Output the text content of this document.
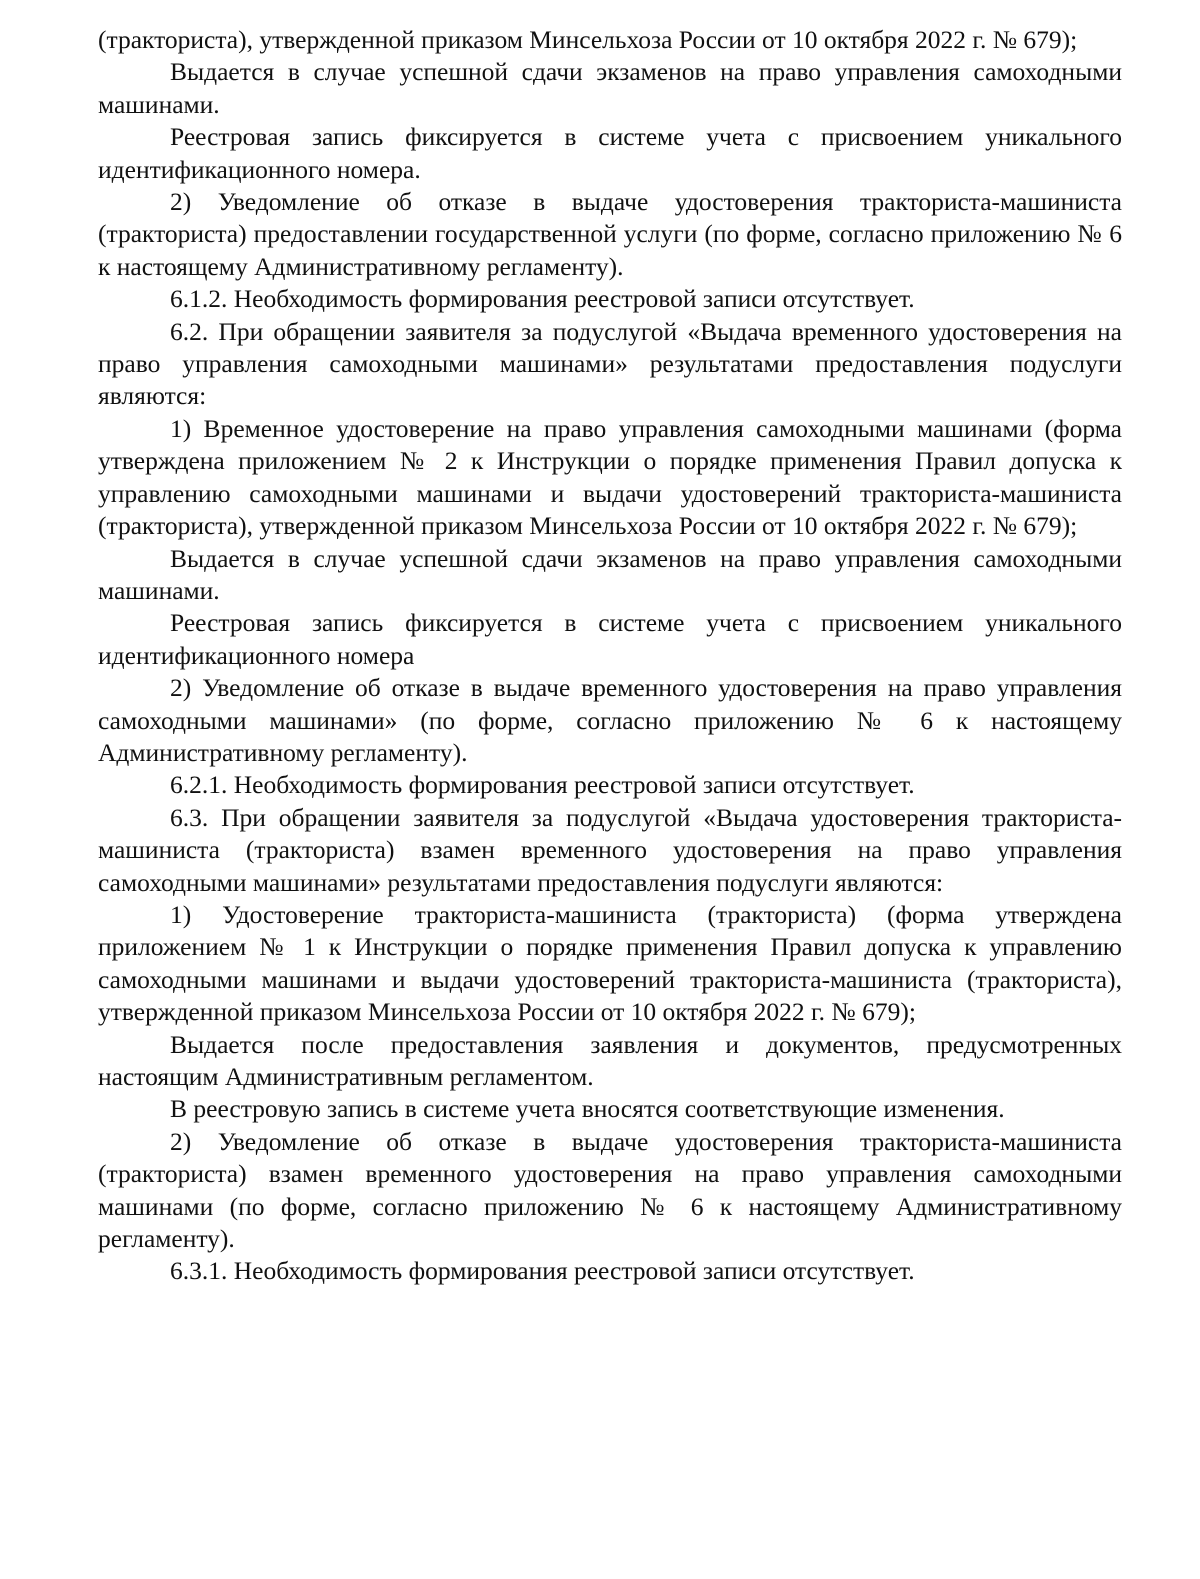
(тракториста), утвержденной приказом Минсельхоза России от 10 октября 2022 г. № 679);

Выдается в случае успешной сдачи экзаменов на право управления самоходными машинами.

Реестровая запись фиксируется в системе учета с присвоением уникального идентификационного номера.

2) Уведомление об отказе в выдаче удостоверения тракториста-машиниста (тракториста) предоставлении государственной услуги (по форме, согласно приложению № 6 к настоящему Административному регламенту).

6.1.2. Необходимость формирования реестровой записи отсутствует.

6.2. При обращении заявителя за подуслугой «Выдача временного удостоверения на право управления самоходными машинами» результатами предоставления подуслуги являются:

1) Временное удостоверение на право управления самоходными машинами (форма утверждена приложением № 2 к Инструкции о порядке применения Правил допуска к управлению самоходными машинами и выдачи удостоверений тракториста-машиниста (тракториста), утвержденной приказом Минсельхоза России от 10 октября 2022 г. № 679);

Выдается в случае успешной сдачи экзаменов на право управления самоходными машинами.

Реестровая запись фиксируется в системе учета с присвоением уникального идентификационного номера

2) Уведомление об отказе в выдаче временного удостоверения на право управления самоходными машинами» (по форме, согласно приложению № 6 к настоящему Административному регламенту).

6.2.1. Необходимость формирования реестровой записи отсутствует.

6.3. При обращении заявителя за подуслугой «Выдача удостоверения тракториста-машиниста (тракториста) взамен временного удостоверения на право управления самоходными машинами» результатами предоставления подуслуги являются:

1) Удостоверение тракториста-машиниста (тракториста) (форма утверждена приложением № 1 к Инструкции о порядке применения Правил допуска к управлению самоходными машинами и выдачи удостоверений тракториста-машиниста (тракториста), утвержденной приказом Минсельхоза России от 10 октября 2022 г. № 679);

Выдается после предоставления заявления и документов, предусмотренных настоящим Административным регламентом.

В реестровую запись в системе учета вносятся соответствующие изменения.

2) Уведомление об отказе в выдаче удостоверения тракториста-машиниста (тракториста) взамен временного удостоверения на право управления самоходными машинами (по форме, согласно приложению № 6 к настоящему Административному регламенту).

6.3.1. Необходимость формирования реестровой записи отсутствует.
